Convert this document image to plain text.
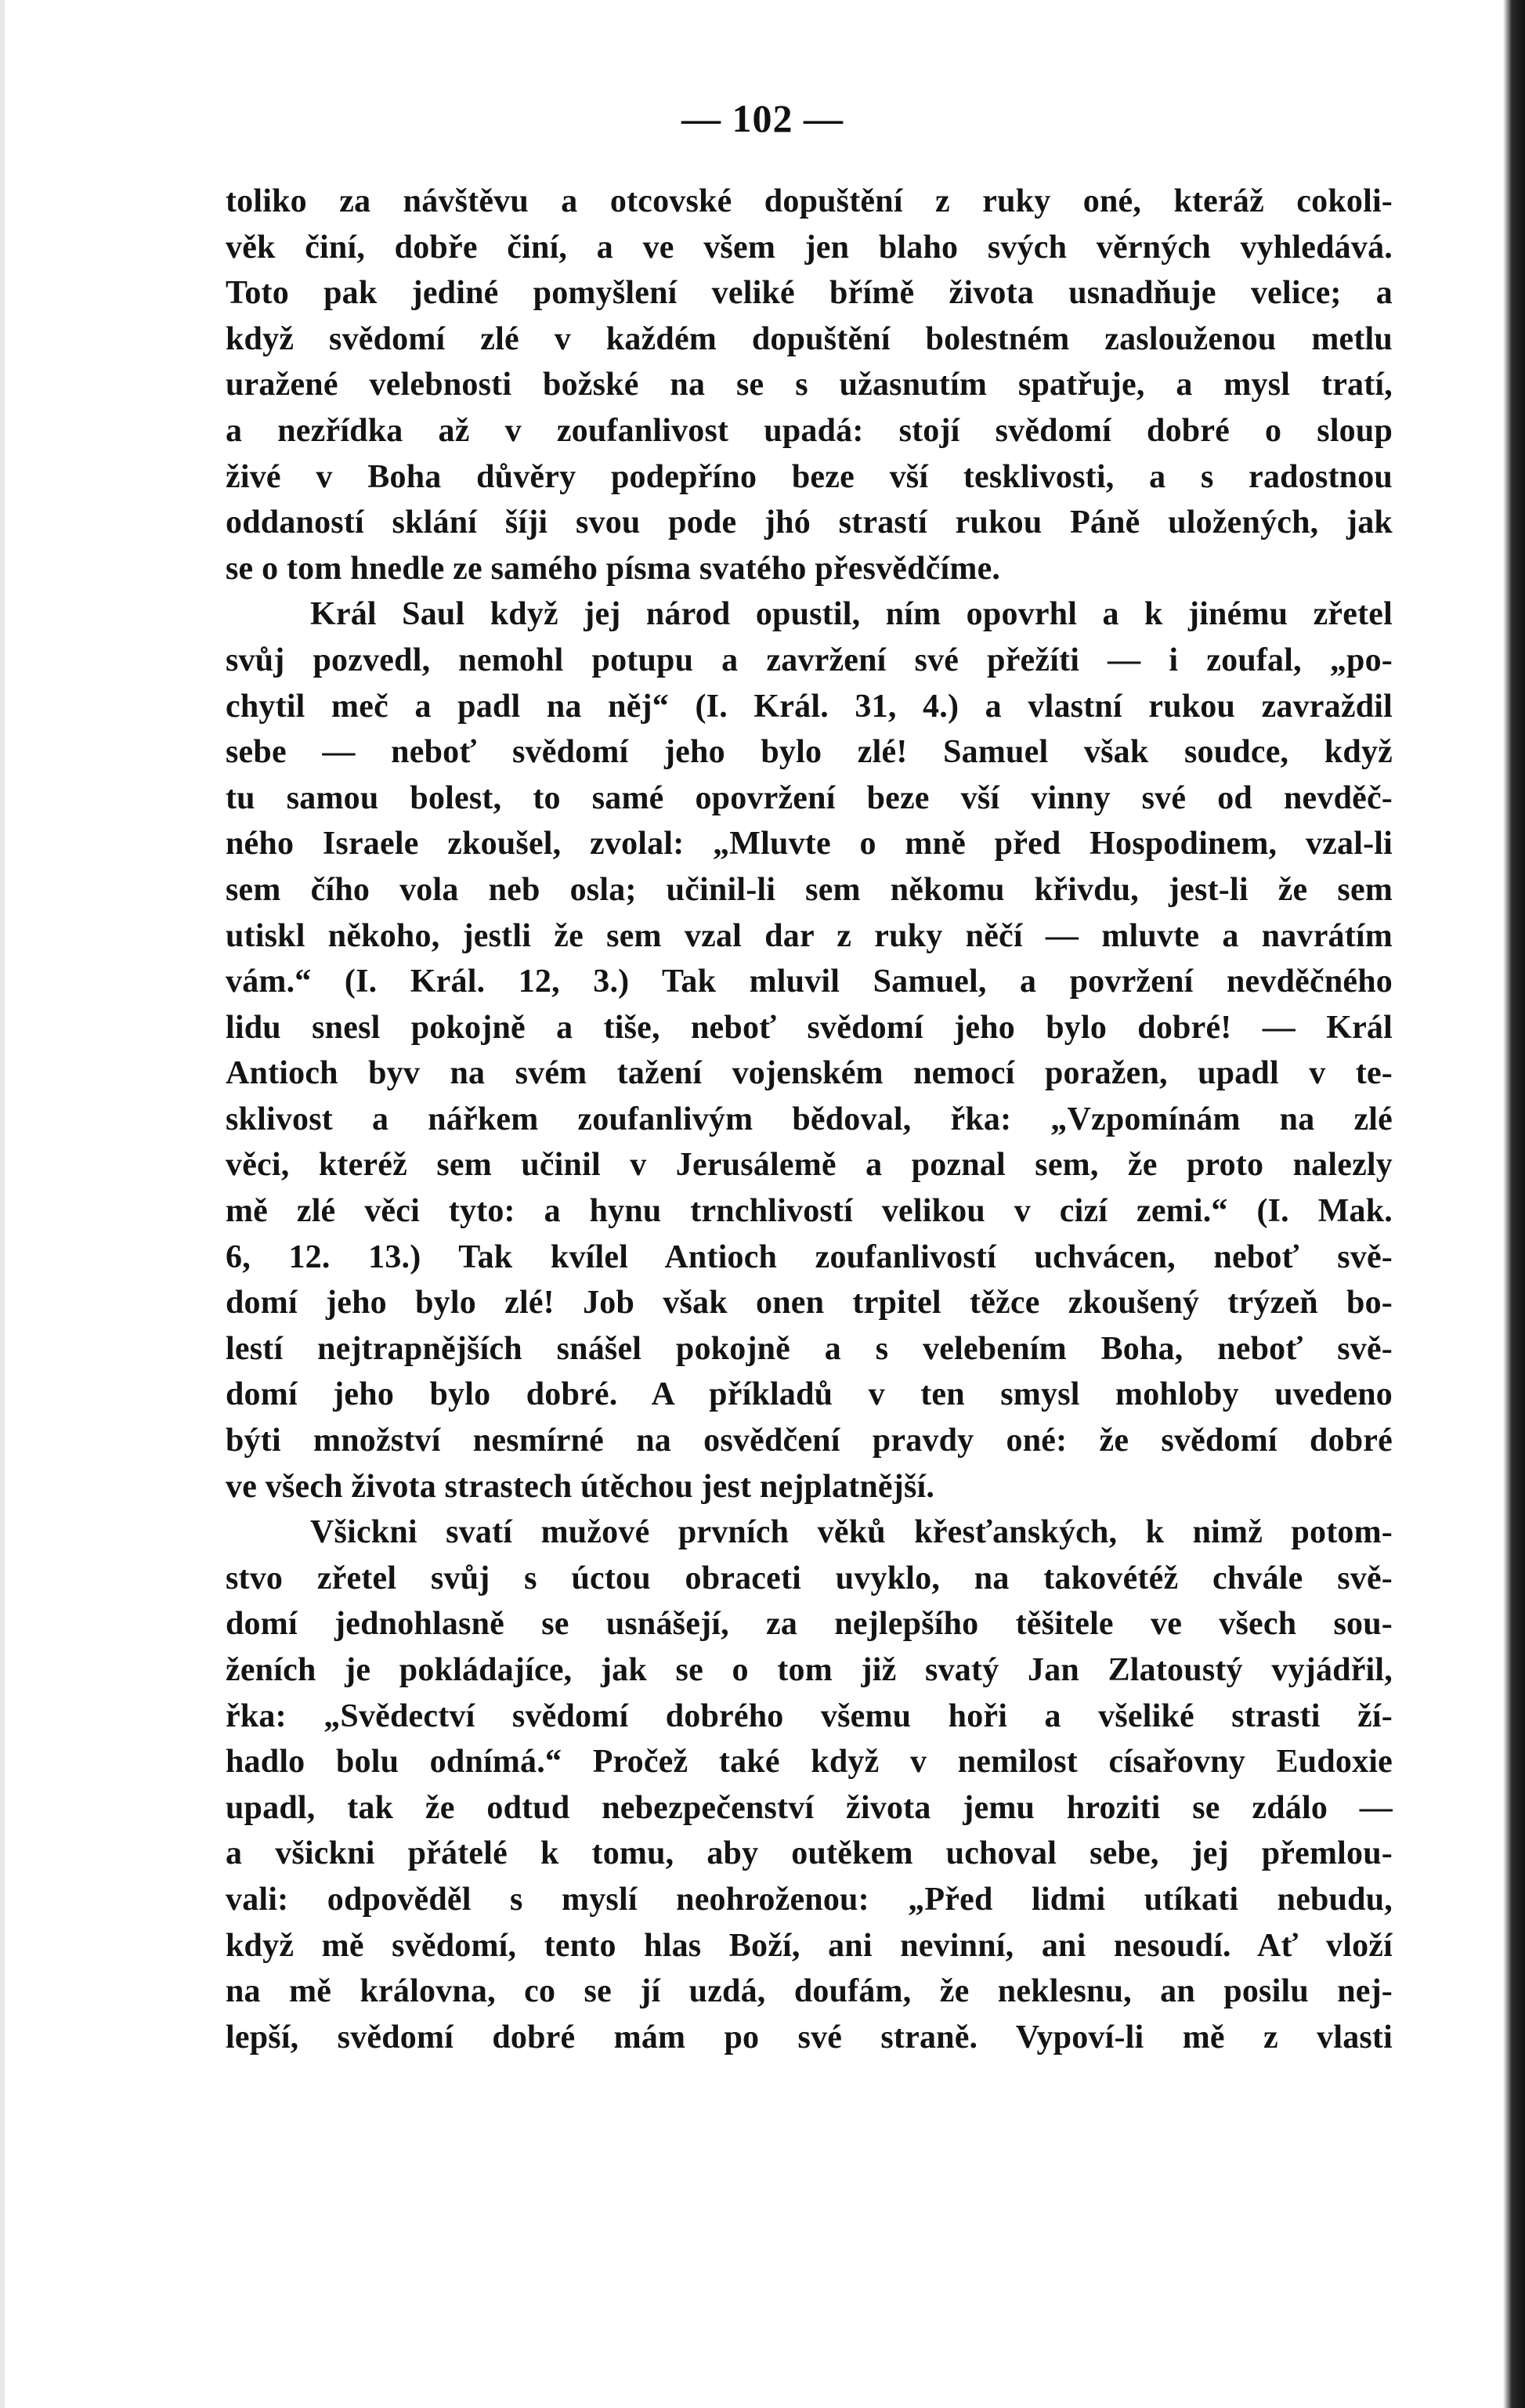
— 102 —
toliko za návštěvu a otcovské dopuštění z ruky oné, kteráž cokoli-
věk činí, dobře činí, a ve všem jen blaho svých věrných vyhledává.
Toto pak jediné pomyšlení veliké břímě života usnadňuje velice; a
když svědomí zlé v každém dopuštění bolestném zaslouženou metlu
uražené velebnosti božské na se s užasnutím spatřuje, a mysl tratí,
a nezřídka až v zoufanlivost upadá: stojí svědomí dobré o sloup
živé v Boha důvěry podepříno beze vší tesklivosti, a s radostnou
oddaností sklání šíji svou pode jhó strastí rukou Páně uložených, jak
se o tom hnedle ze samého písma svatého přesvědčíme.
Král Saul když jej národ opustil, ním opovrhl a k jinému zřetel
svůj pozvedl, nemohl potupu a zavržení své přežíti — i zoufal, „po-
chytil meč a padl na něj“ (I. Král. 31, 4.) a vlastní rukou zavraždil
sebe — neboť svědomí jeho bylo zlé! Samuel však soudce, když
tu samou bolest, to samé opovržení beze vší vinny své od nevděč-
ného Israele zkoušel, zvolal: „Mluvte o mně před Hospodinem, vzal-li
sem čího vola neb osla; učinil-li sem někomu křivdu, jest-li že sem
utiskl někoho, jestli že sem vzal dar z ruky něčí — mluvte a navrátím
vám.“ (I. Král. 12, 3.) Tak mluvil Samuel, a povržení nevděčného
lidu snesl pokojně a tiše, neboť svědomí jeho bylo dobré! — Král
Antioch byv na svém tažení vojenském nemocí poražen, upadl v te-
sklivost a nářkem zoufanlivým bědoval, řka: „Vzpomínám na zlé
věci, kteréž sem učinil v Jerusálemě a poznal sem, že proto nalezly
mě zlé věci tyto: a hynu trnchlivostí velikou v cizí zemi.“ (I. Mak.
6, 12. 13.) Tak kvílel Antioch zoufanlivostí uchvácen, neboť svě-
domí jeho bylo zlé! Job však onen trpitel těžce zkoušený trýzeň bo-
lestí nejtrapnějších snášel pokojně a s velebením Boha, neboť svě-
domí jeho bylo dobré. A příkladů v ten smysl mohloby uvedeno
býti množství nesmírné na osvědčení pravdy oné: že svědomí dobré
ve všech života strastech útěchou jest nejplatnější.
Všickni svatí mužové prvních věků křesťanských, k nimž potom-
stvo zřetel svůj s úctou obraceti uvyklo, na takovétéž chvále svě-
domí jednohlasně se usnášejí, za nejlepšího těšitele ve všech sou-
ženích je pokládajíce, jak se o tom již svatý Jan Zlatoustý vyjádřil,
řka: „Svědectví svědomí dobrého všemu hoři a všeliké strasti ží-
hadlo bolu odnímá.“ Pročež také když v nemilost císařovny Eudoxie
upadl, tak že odtud nebezpečenství života jemu hroziti se zdálo —
a všickni přátelé k tomu, aby outěkem uchoval sebe, jej přemlou-
vali: odpověděl s myslí neohroženou: „Před lidmi utíkati nebudu,
když mě svědomí, tento hlas Boží, ani nevinní, ani nesoudí. Ať vloží
na mě královna, co se jí uzdá, doufám, že neklesnu, an posilu nej-
lepší, svědomí dobré mám po své straně. Vypoví-li mě z vlasti
